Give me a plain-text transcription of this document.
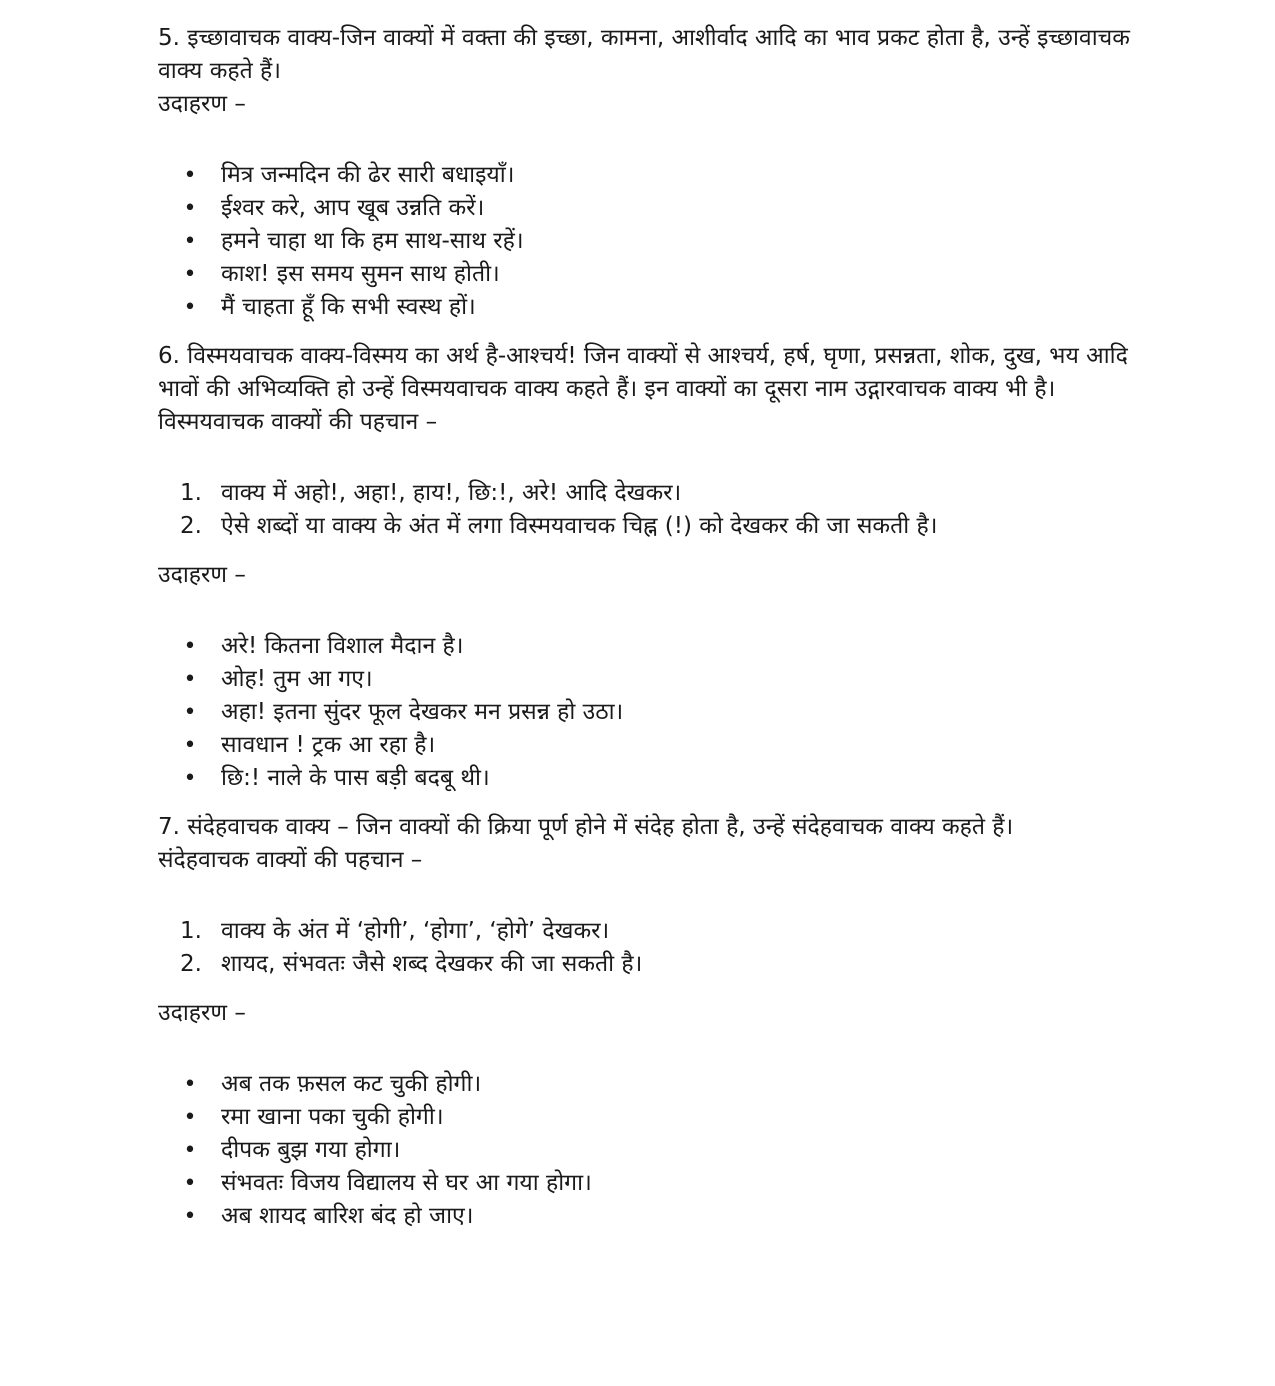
5. इच्छावाचक वाक्य-जिन वाक्यों में वक्ता की इच्छा, कामना, आशीर्वाद आदि का भाव प्रकट होता है, उन्हें इच्छावाचक वाक्य कहते हैं।

उदाहरण –

• मित्र जन्मदिन की ढेर सारी बधाइयाँ।
• ईश्वर करे, आप खूब उन्नति करें।
• हमने चाहा था कि हम साथ-साथ रहें।
• काश! इस समय सुमन साथ होती।
• मैं चाहता हूँ कि सभी स्वस्थ हों।

6. विस्मयवाचक वाक्य-विस्मय का अर्थ है-आश्चर्य! जिन वाक्यों से आश्चर्य, हर्ष, घृणा, प्रसन्नता, शोक, दुख, भय आदि भावों की अभिव्यक्ति हो उन्हें विस्मयवाचक वाक्य कहते हैं। इन वाक्यों का दूसरा नाम उद्गारवाचक वाक्य भी है।

विस्मयवाचक वाक्यों की पहचान –

1. वाक्य में अहो!, अहा!, हाय!, छि:!, अरे! आदि देखकर।
2. ऐसे शब्दों या वाक्य के अंत में लगा विस्मयवाचक चिह्न (!) को देखकर की जा सकती है।

उदाहरण –

• अरे! कितना विशाल मैदान है।
• ओह! तुम आ गए।
• अहा! इतना सुंदर फूल देखकर मन प्रसन्न हो उठा।
• सावधान ! ट्रक आ रहा है।
• छि:! नाले के पास बड़ी बदबू थी।

7. संदेहवाचक वाक्य – जिन वाक्यों की क्रिया पूर्ण होने में संदेह होता है, उन्हें संदेहवाचक वाक्य कहते हैं।

संदेहवाचक वाक्यों की पहचान –

1. वाक्य के अंत में ‘होगी’, ‘होगा’, ‘होगे’ देखकर।
2. शायद, संभवतः जैसे शब्द देखकर की जा सकती है।

उदाहरण –

• अब तक फ़सल कट चुकी होगी।
• रमा खाना पका चुकी होगी।
• दीपक बुझ गया होगा।
• संभवतः विजय विद्यालय से घर आ गया होगा।
• अब शायद बारिश बंद हो जाए।
